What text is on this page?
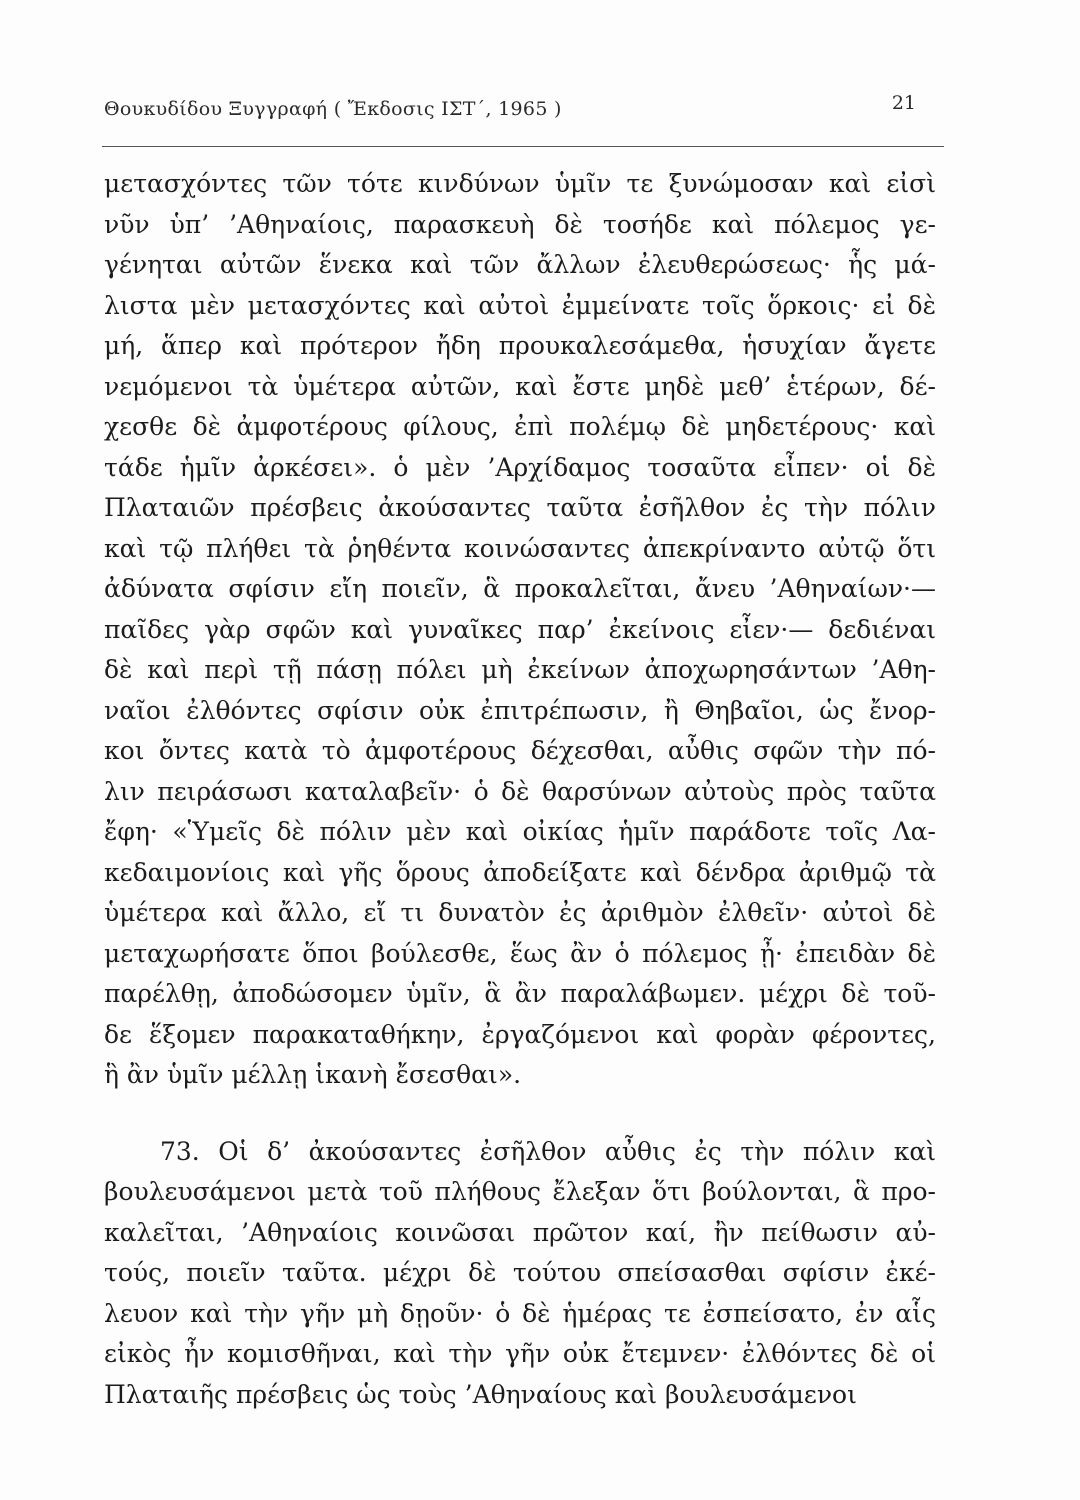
Θουκυδίδου Ξυγγραφή ( Ἔκδοσις ΙΣΤ΄, 1965 )	21
μετασχόντες τῶν τότε κινδύνων ὑμῖν τε ξυνώμοσαν καὶ εἰσὶ
νῦν ὑπ’ ’Αθηναίοις, παρασκευὴ δὲ τοσήδε καὶ πόλεμος γε-
γένηται αὐτῶν ἕνεκα καὶ τῶν ἄλλων ἐλευθερώσεως· ἧς μά-
λιστα μὲν μετασχόντες καὶ αὐτοὶ ἐμμείνατε τοῖς ὅρκοις· εἰ δὲ
μή, ἅπερ καὶ πρότερον ἤδη προυκαλεσάμεθα, ἡσυχίαν ἄγετε
νεμόμενοι τὰ ὑμέτερα αὐτῶν, καὶ ἔστε μηδὲ μεθ’ ἑτέρων, δέ-
χεσθε δὲ ἀμφοτέρους φίλους, ἐπὶ πολέμῳ δὲ μηδετέρους· καὶ
τάδε ἡμῖν ἀρκέσει». ὁ μὲν ’Αρχίδαμος τοσαῦτα εἶπεν· οἱ δὲ
Πλαταιῶν πρέσβεις ἀκούσαντες ταῦτα ἐσῆλθον ἐς τὴν πόλιν
καὶ τῷ πλήθει τὰ ῥηθέντα κοινώσαντες ἀπεκρίναντο αὐτῷ ὅτι
ἀδύνατα σφίσιν εἴη ποιεῖν, ἃ προκαλεῖται, ἄνευ ’Αθηναίων·—
παῖδες γὰρ σφῶν καὶ γυναῖκες παρ’ ἐκείνοις εἶεν·— δεδιέναι
δὲ καὶ περὶ τῇ πάσῃ πόλει μὴ ἐκείνων ἀποχωρησάντων ’Αθη-
ναῖοι ἐλθόντες σφίσιν οὐκ ἐπιτρέπωσιν, ἢ Θηβαῖοι, ὡς ἔνορ-
κοι ὄντες κατὰ τὸ ἀμφοτέρους δέχεσθαι, αὖθις σφῶν τὴν πό-
λιν πειράσωσι καταλαβεῖν· ὁ δὲ θαρσύνων αὐτοὺς πρὸς ταῦτα
ἔφη· «Ὑμεῖς δὲ πόλιν μὲν καὶ οἰκίας ἡμῖν παράδοτε τοῖς Λα-
κεδαιμονίοις καὶ γῆς ὅρους ἀποδείξατε καὶ δένδρα ἀριθμῷ τὰ
ὑμέτερα καὶ ἄλλο, εἴ τι δυνατὸν ἐς ἀριθμὸν ἐλθεῖν· αὐτοὶ δὲ
μεταχωρήσατε ὅποι βούλεσθε, ἕως ἂν ὁ πόλεμος ᾖ· ἐπειδὰν δὲ
παρέλθῃ, ἀποδώσομεν ὑμῖν, ἃ ἂν παραλάβωμεν. μέχρι δὲ τοῦ-
δε ἕξομεν παρακαταθήκην, ἐργαζόμενοι καὶ φορὰν φέροντες,
ἣ ἂν ὑμῖν μέλλῃ ἱκανὴ ἔσεσθαι».
73. Οἱ δ’ ἀκούσαντες ἐσῆλθον αὖθις ἐς τὴν πόλιν καὶ
βουλευσάμενοι μετὰ τοῦ πλήθους ἔλεξαν ὅτι βούλονται, ἃ προ-
καλεῖται, ’Αθηναίοις κοινῶσαι πρῶτον καί, ἢν πείθωσιν αὐ-
τούς, ποιεῖν ταῦτα. μέχρι δὲ τούτου σπείσασθαι σφίσιν ἐκέ-
λευον καὶ τὴν γῆν μὴ δῃοῦν· ὁ δὲ ἡμέρας τε ἐσπείσατο, ἐν αἷς
εἰκὸς ἦν κομισθῆναι, καὶ τὴν γῆν οὐκ ἔτεμνεν· ἐλθόντες δὲ οἱ
Πλαταιῆς πρέσβεις ὡς τοὺς ’Αθηναίους καὶ βουλευσάμενοι
